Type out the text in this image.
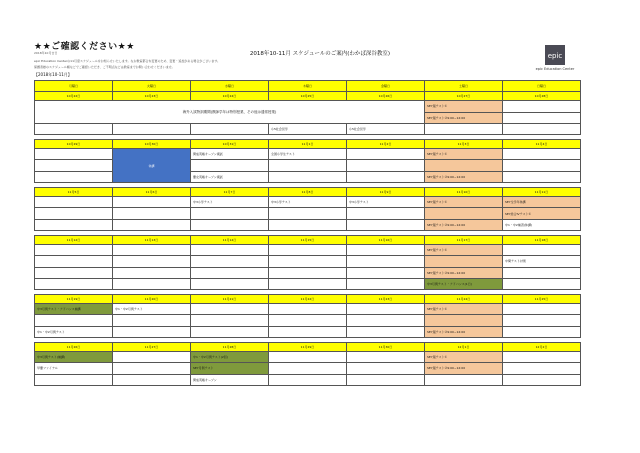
★★ご確認ください★★
2018年10月吉日	2018年10-11月 スケジュールのご案内(わかば深谷教室)
epic Education Centerの11月度スケジュールをお知らせいたします。なお教室都合を変更のため、変更・追加がある場合がございます。
保護者様のスケジュール帳などでご確認いただき、ご不明点などは教室までお問い合わせくださいませ。
【2018年10-11月】
epic
epic Education Center
月曜日	火曜日	水曜日	木曜日	金曜日	土曜日	日曜日
10月22日	10月23日	10月24日	10月25日	10月26日	10月27日	10月28日
海外入試特訓期間(教師学年は特別授業、その他は通常授業)					SEY週テスト①	
					SEY週テスト②9:00~12:00	
			小5社会見学	小5社会見学		

10月29日	10月30日	10月31日	11月1日	11月2日	11月3日	11月4日
	休講	関成英略オープン模試	全国小学生テスト		SEY週テスト①	

		慶女英略オープン模試			SEY週テスト②9:00~12:00	

11月5日	11月6日	11月7日	11月8日	11月9日	11月10日	11月11日
		中3小学テスト	中3小学テスト	中3小学テスト	SEY週テスト①	SEY全学年休講
						SEY総合IVテスト①
					SEY週テスト②9:00~12:00	中1・中2補習(休講)

11月12日	11月13日	11月14日	11月15日	11月16日	11月17日	11月18日
					SEY週テスト①	
						中間テスト対策
					SEY週テスト②9:00~12:00	
					中3月例テスト・アドバンス(1日)	

11月19日	11月20日	11月21日	11月22日	11月23日	11月24日	11月25日
中3月例テスト・アドバンス補講	中1・中2月例テスト				SEY週テスト①	

中1・中2月例テスト					SEY週テスト②9:00~12:00	

11月26日	11月27日	11月28日	11月29日	11月30日	12月1日	12月2日
中3月例テスト(補講)		中1・中2月例テスト(2回)			SEY週テスト①	
早慶ファイナル		SEY月例テスト			SEY週テスト②9:00~12:00	
		関成英略オープン				
